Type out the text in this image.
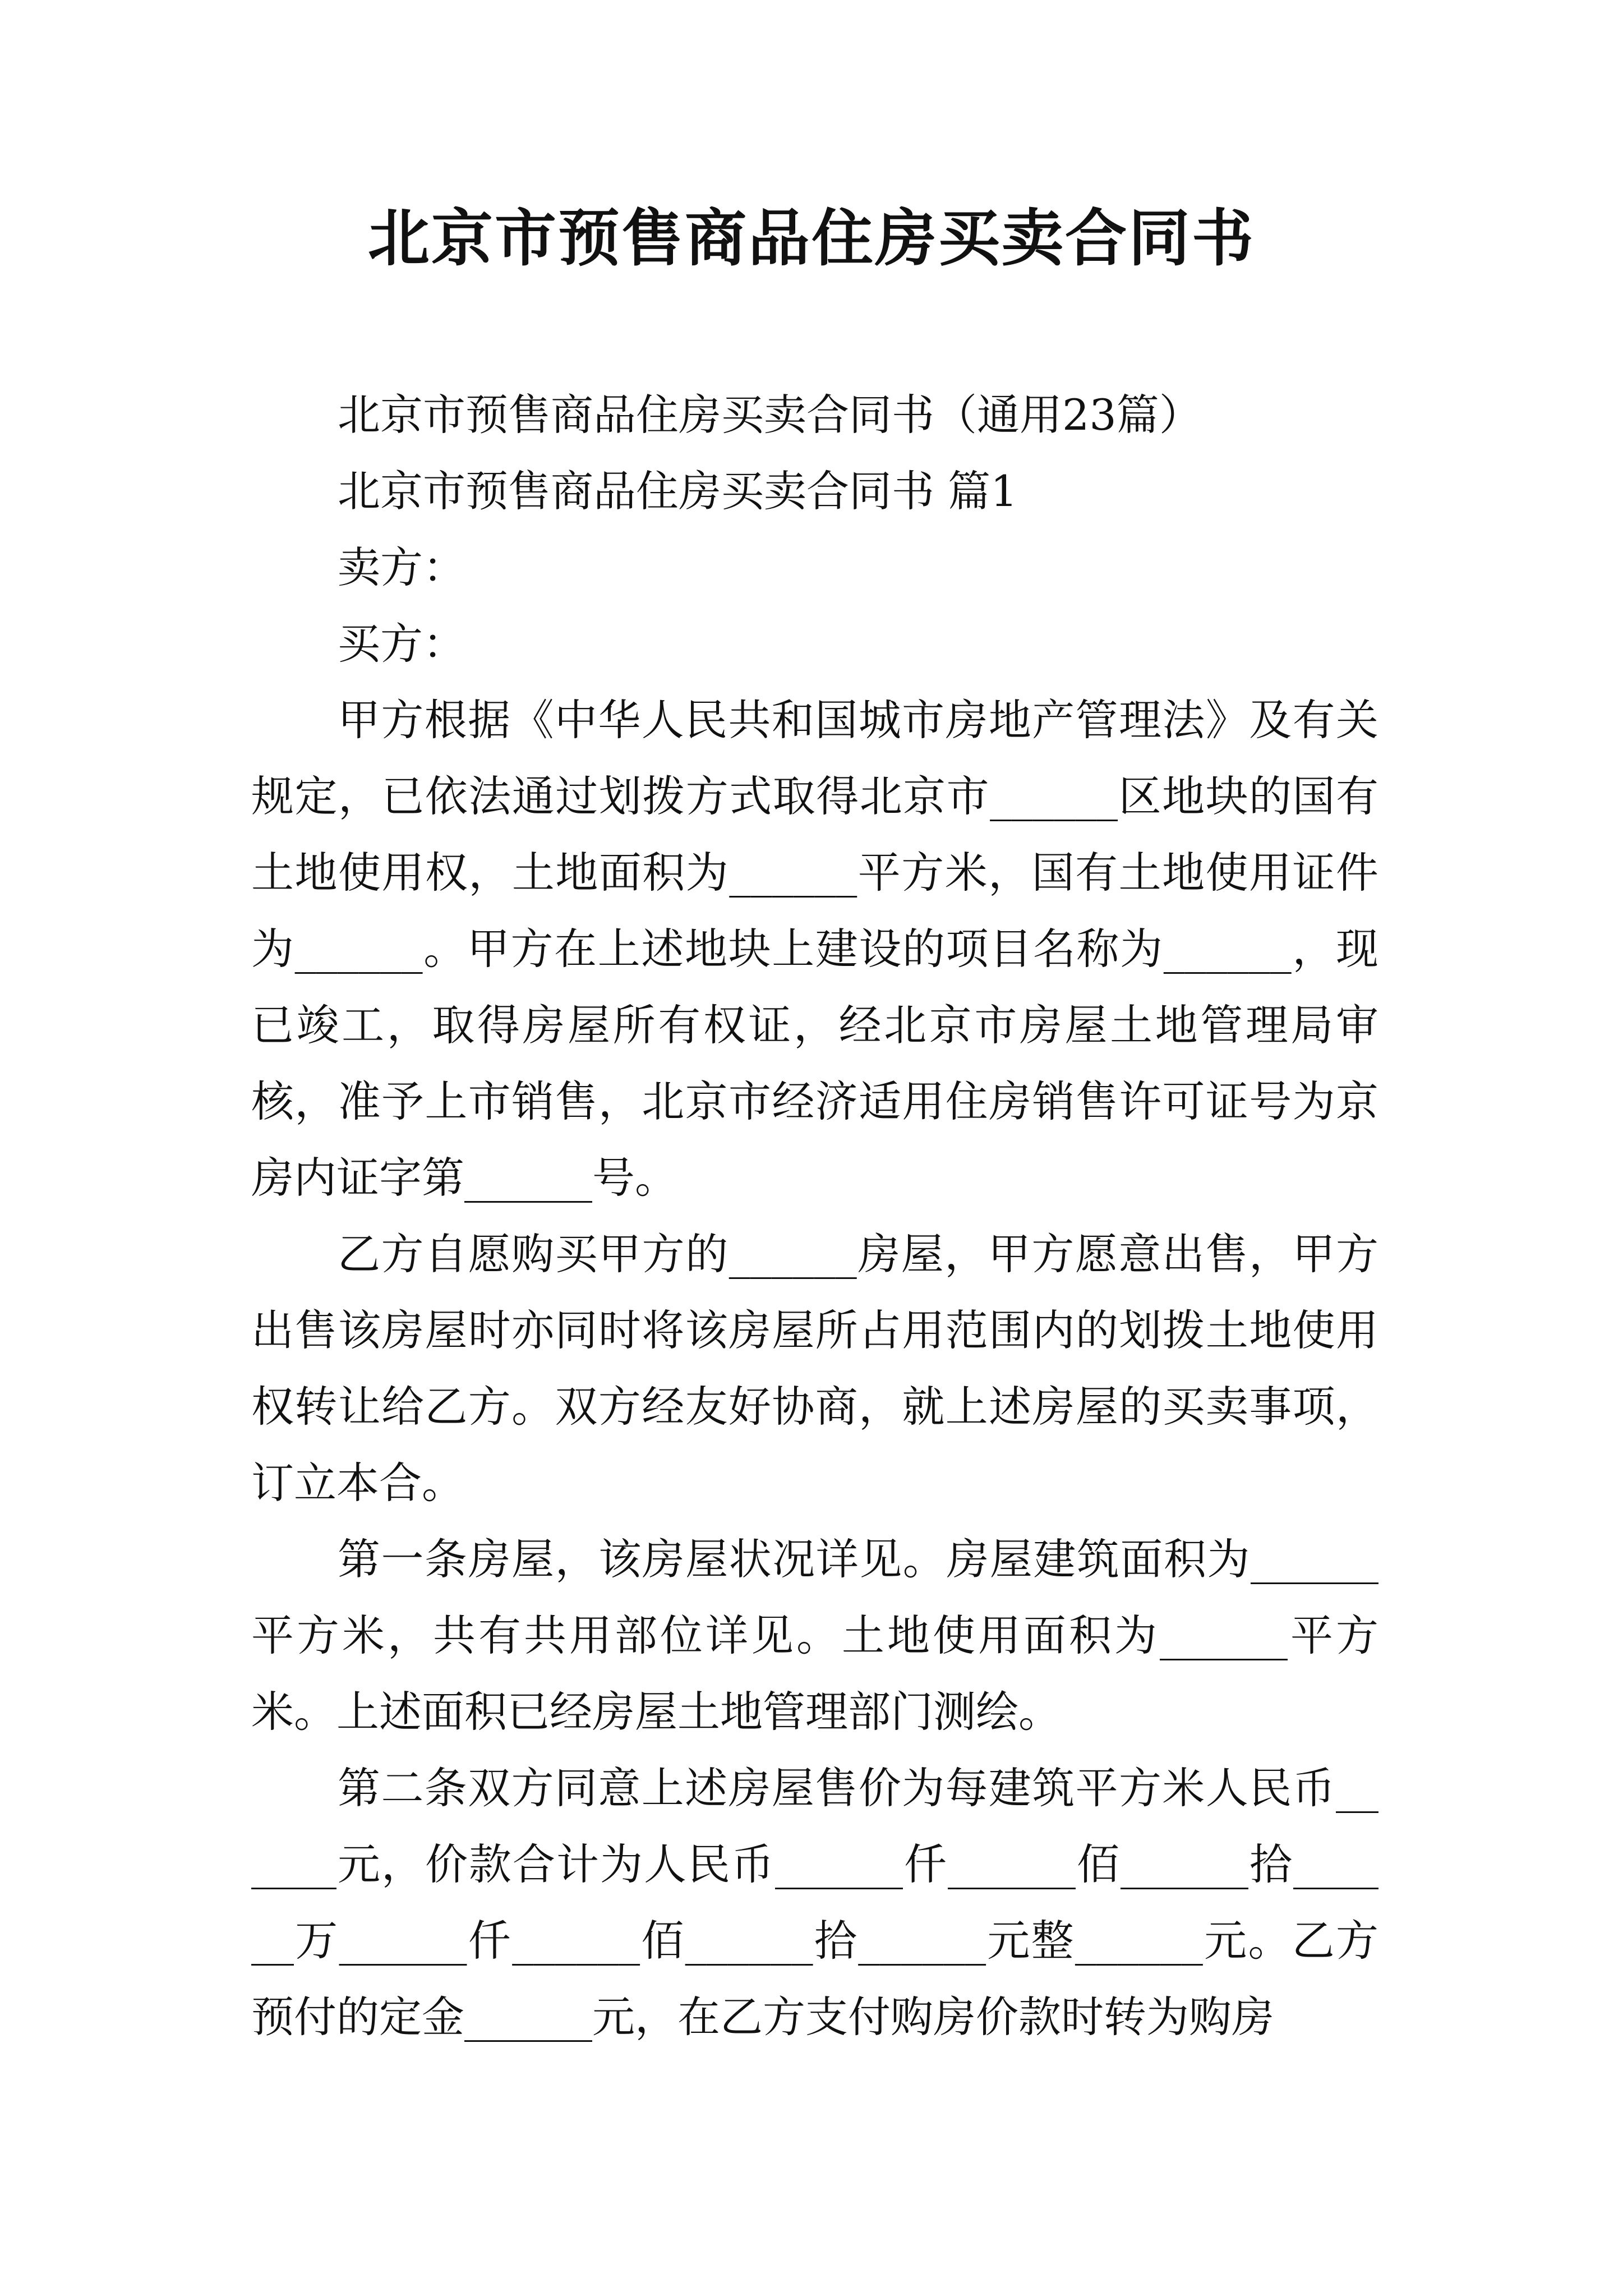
北京市预售商品住房买卖合同书
北京市预售商品住房买卖合同书（通用23篇）
北京市预售商品住房买卖合同书 篇1
卖方：
买方：

甲方根据《中华人民共和国城市房地产管理法》及有关规定，已依法通过划拨方式取得北京市______区地块的国有土地使用权，土地面积为______平方米，国有土地使用证件为______。甲方在上述地块上建设的项目名称为______，现已竣工，取得房屋所有权证，经北京市房屋土地管理局审核，准予上市销售，北京市经济适用住房销售许可证号为京房内证字第______号。

乙方自愿购买甲方的______房屋，甲方愿意出售，甲方出售该房屋时亦同时将该房屋所占用范围内的划拨土地使用权转让给乙方。双方经友好协商，就上述房屋的买卖事项，订立本合。

第一条房屋，该房屋状况详见。房屋建筑面积为______平方米，共有共用部位详见。土地使用面积为______平方米。上述面积已经房屋土地管理部门测绘。

第二条双方同意上述房屋售价为每建筑平方米人民币______元，价款合计为人民币______仟______佰______拾______万______仟______佰______拾______元整______元。乙方预付的定金______元，在乙方支付购房价款时转为购房
